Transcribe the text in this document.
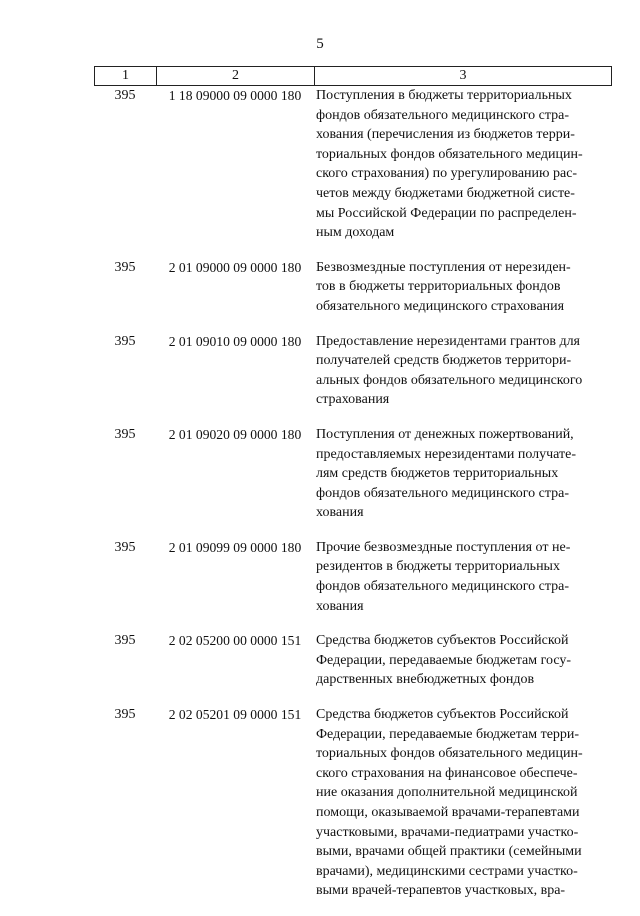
5
1	2	3
395	1 18 09000 09 0000 180	Поступления в бюджеты территориальных
фондов обязательного медицинского стра-
хования (перечисления из бюджетов терри-
ториальных фондов обязательного медицин-
ского страхования) по урегулированию рас-
четов между бюджетами бюджетной систе-
мы Российской Федерации по распределен-
ным доходам
395	2 01 09000 09 0000 180	Безвозмездные поступления от нерезиден-
тов в бюджеты территориальных фондов
обязательного медицинского страхования
395	2 01 09010 09 0000 180	Предоставление нерезидентами грантов для
получателей средств бюджетов территори-
альных фондов обязательного медицинского
страхования
395	2 01 09020 09 0000 180	Поступления от денежных пожертвований,
предоставляемых нерезидентами получате-
лям средств бюджетов территориальных
фондов обязательного медицинского стра-
хования
395	2 01 09099 09 0000 180	Прочие безвозмездные поступления от не-
резидентов в бюджеты территориальных
фондов обязательного медицинского стра-
хования
395	2 02 05200 00 0000 151	Средства бюджетов субъектов Российской
Федерации, передаваемые бюджетам госу-
дарственных внебюджетных фондов
395	2 02 05201 09 0000 151	Средства бюджетов субъектов Российской
Федерации, передаваемые бюджетам терри-
ториальных фондов обязательного медицин-
ского страхования на финансовое обеспече-
ние оказания дополнительной медицинской
помощи, оказываемой врачами-терапевтами
участковыми, врачами-педиатрами участко-
выми, врачами общей практики (семейными
врачами), медицинскими сестрами участко-
выми врачей-терапевтов участковых, вра-
